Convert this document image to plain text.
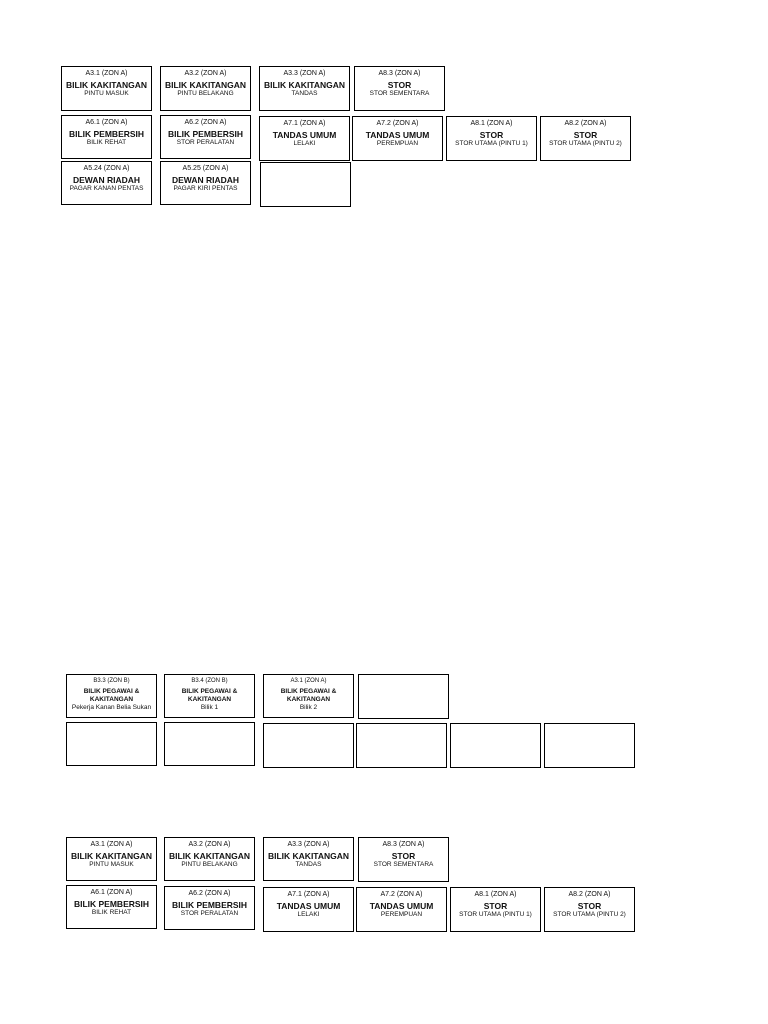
A3.1 (ZON A)
BILIK KAKITANGAN
PINTU MASUK
A3.2 (ZON A)
BILIK KAKITANGAN
PINTU BELAKANG
A3.3 (ZON A)
BILIK KAKITANGAN
TANDAS
A8.3 (ZON A)
STOR
STOR SEMENTARA
A6.1 (ZON A)
BILIK PEMBERSIH
BILIK REHAT
A6.2 (ZON A)
BILIK PEMBERSIH
STOR PERALATAN
A7.1 (ZON A)
TANDAS UMUM
LELAKI
A7.2 (ZON A)
TANDAS UMUM
PEREMPUAN
A8.1 (ZON A)
STOR
STOR UTAMA (PINTU 1)
A8.2 (ZON A)
STOR
STOR UTAMA (PINTU 2)
A5.24 (ZON A)
DEWAN RIADAH
PAGAR KANAN PENTAS
A5.25 (ZON A)
DEWAN RIADAH
PAGAR KIRI PENTAS
B3.3 (ZON B)
BILIK PEGAWAI & KAKITANGAN
Pekerja Kanan Belia Sukan
B3.4 (ZON B)
BILIK PEGAWAI & KAKITANGAN
Bilik 1
A3.1 (ZON A)
BILIK PEGAWAI & KAKITANGAN
Bilik 2
A3.1 (ZON A)
BILIK KAKITANGAN
PINTU MASUK
A3.2 (ZON A)
BILIK KAKITANGAN
PINTU BELAKANG
A3.3 (ZON A)
BILIK KAKITANGAN
TANDAS
A8.3 (ZON A)
STOR
STOR SEMENTARA
A6.1 (ZON A)
BILIK PEMBERSIH
BILIK REHAT
A6.2 (ZON A)
BILIK PEMBERSIH
STOR PERALATAN
A7.1 (ZON A)
TANDAS UMUM
LELAKI
A7.2 (ZON A)
TANDAS UMUM
PEREMPUAN
A8.1 (ZON A)
STOR
STOR UTAMA (PINTU 1)
A8.2 (ZON A)
STOR
STOR UTAMA (PINTU 2)
